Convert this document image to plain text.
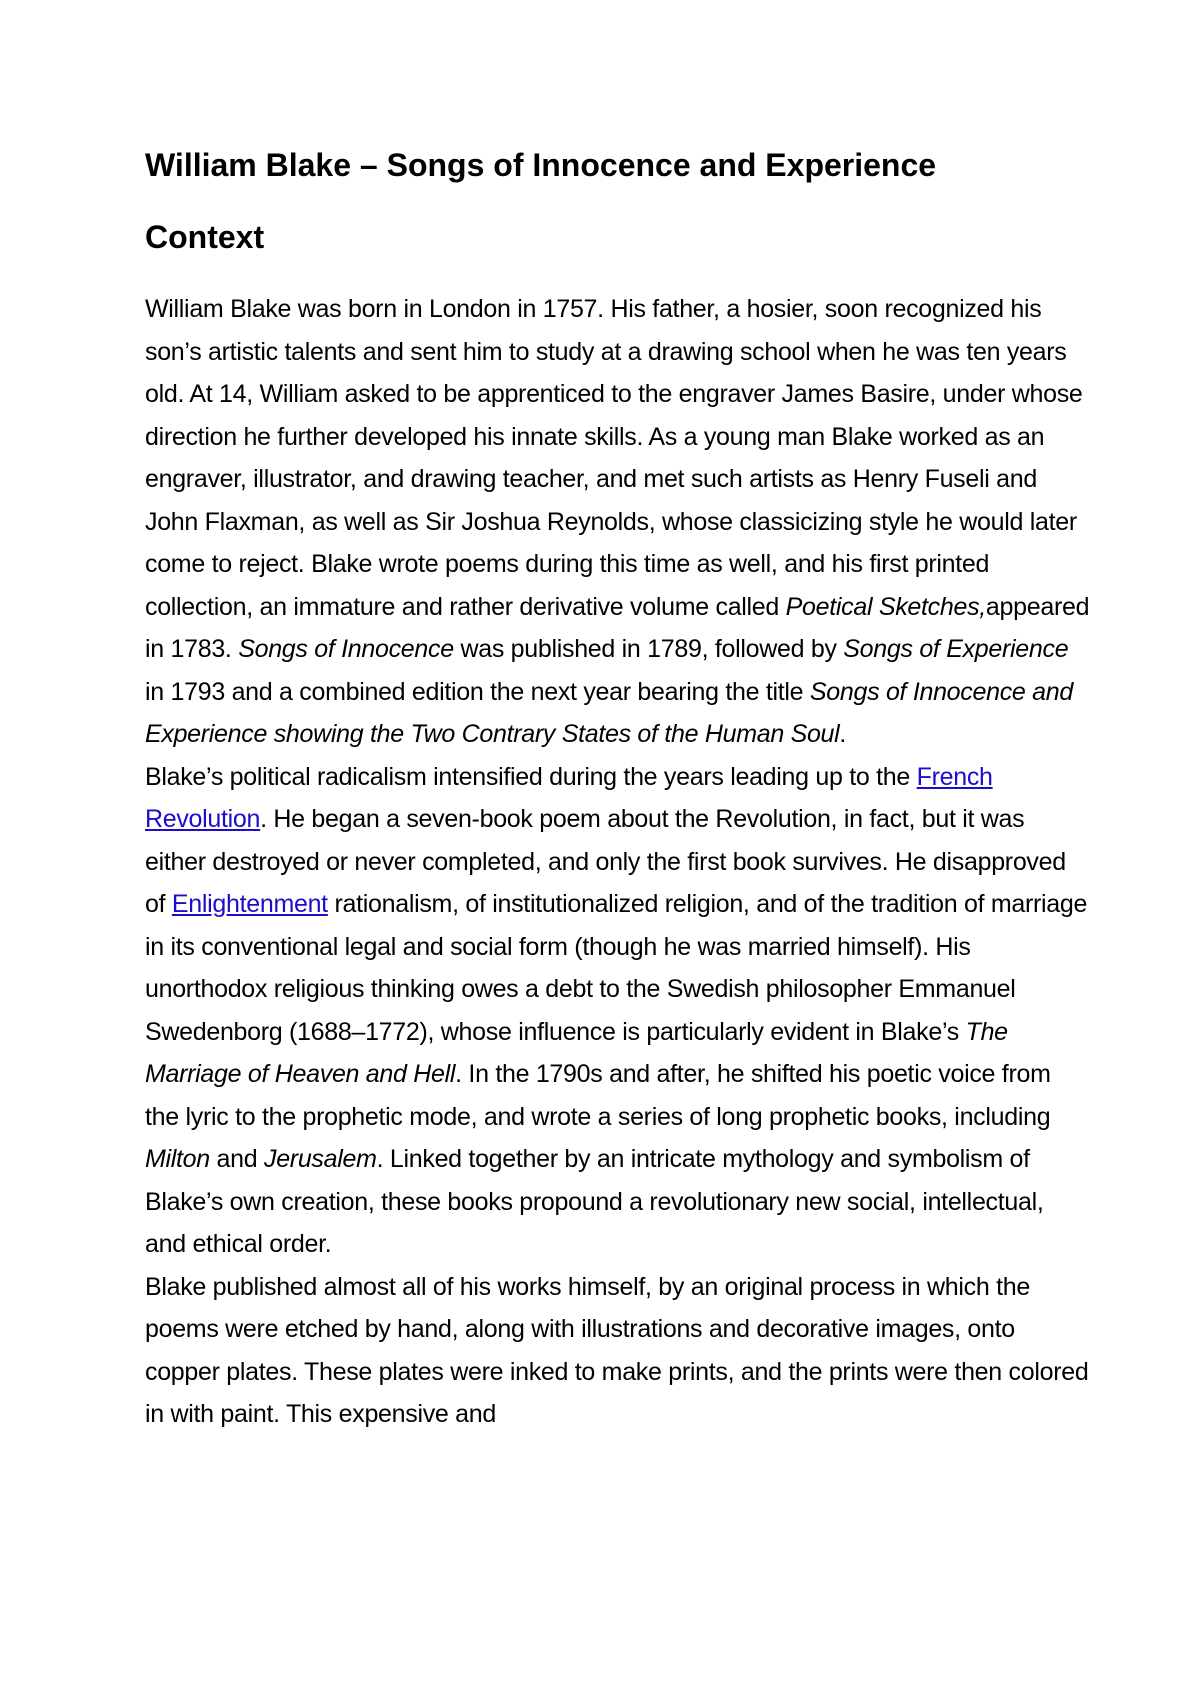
William Blake – Songs of Innocence and Experience
Context

William Blake was born in London in 1757. His father, a hosier, soon recognized his son’s artistic talents and sent him to study at a drawing school when he was ten years old. At 14, William asked to be apprenticed to the engraver James Basire, under whose direction he further developed his innate skills. As a young man Blake worked as an engraver, illustrator, and drawing teacher, and met such artists as Henry Fuseli and John Flaxman, as well as Sir Joshua Reynolds, whose classicizing style he would later come to reject. Blake wrote poems during this time as well, and his first printed collection, an immature and rather derivative volume called Poetical Sketches,appeared in 1783. Songs of Innocence was published in 1789, followed by Songs of Experience in 1793 and a combined edition the next year bearing the title Songs of Innocence and Experience showing the Two Contrary States of the Human Soul.

Blake’s political radicalism intensified during the years leading up to the French Revolution. He began a seven-book poem about the Revolution, in fact, but it was either destroyed or never completed, and only the first book survives. He disapproved of Enlightenment rationalism, of institutionalized religion, and of the tradition of marriage in its conventional legal and social form (though he was married himself). His unorthodox religious thinking owes a debt to the Swedish philosopher Emmanuel Swedenborg (1688–1772), whose influence is particularly evident in Blake’s The Marriage of Heaven and Hell. In the 1790s and after, he shifted his poetic voice from the lyric to the prophetic mode, and wrote a series of long prophetic books, including Milton and Jerusalem. Linked together by an intricate mythology and symbolism of Blake’s own creation, these books propound a revolutionary new social, intellectual, and ethical order.

Blake published almost all of his works himself, by an original process in which the poems were etched by hand, along with illustrations and decorative images, onto copper plates. These plates were inked to make prints, and the prints were then colored in with paint. This expensive and
